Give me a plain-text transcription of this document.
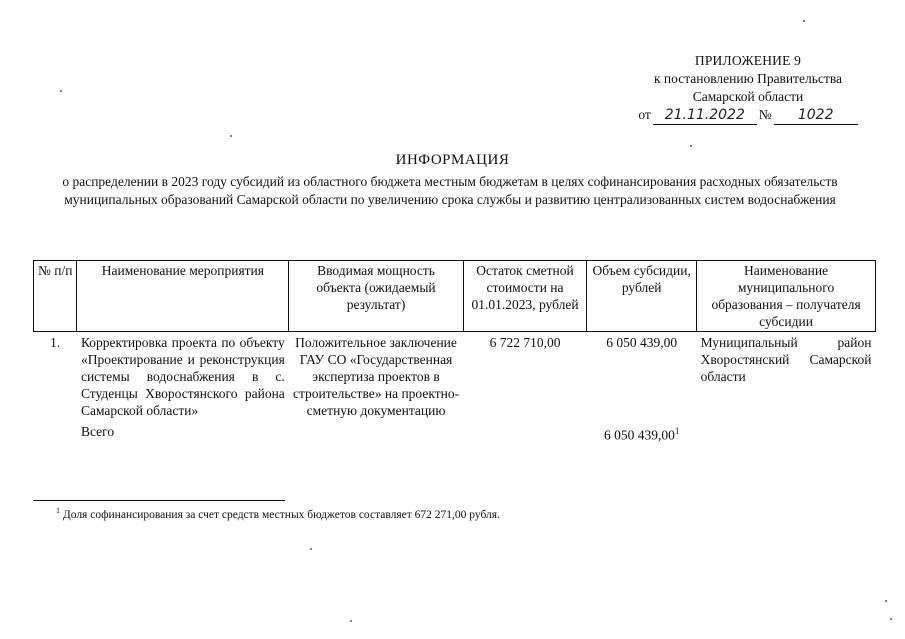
ПРИЛОЖЕНИЕ 9
к постановлению Правительства
Самарской области
от 21.11.2022	№	1022
ИНФОРМАЦИЯ
о распределении в 2023 году субсидий из областного бюджета местным бюджетам в целях софинансирования расходных обязательств муниципальных образований Самарской области по увеличению срока службы и развитию централизованных систем водоснабжения
№ п/п	Наименование мероприятия	Вводимая мощность объекта (ожидаемый результат)	Остаток сметной стоимости на 01.01.2023, рублей	Объем субсидии, рублей	Наименование муниципального образования – получателя субсидии
1.	Корректировка проекта по объекту «Проектирование и реконструкция системы водоснабжения в с. Студенцы Хворостянского района Самарской области»	Положительное заключение ГАУ СО «Государственная экспертиза проектов в строительстве» на проектно-сметную документацию	6 722 710,00	6 050 439,00	Муниципальный район Хворостянский Самарской области
	Всего			6 050 439,00$^1$	
$^1$ Доля софинансирования за счет средств местных бюджетов составляет 672 271,00 рубля.
